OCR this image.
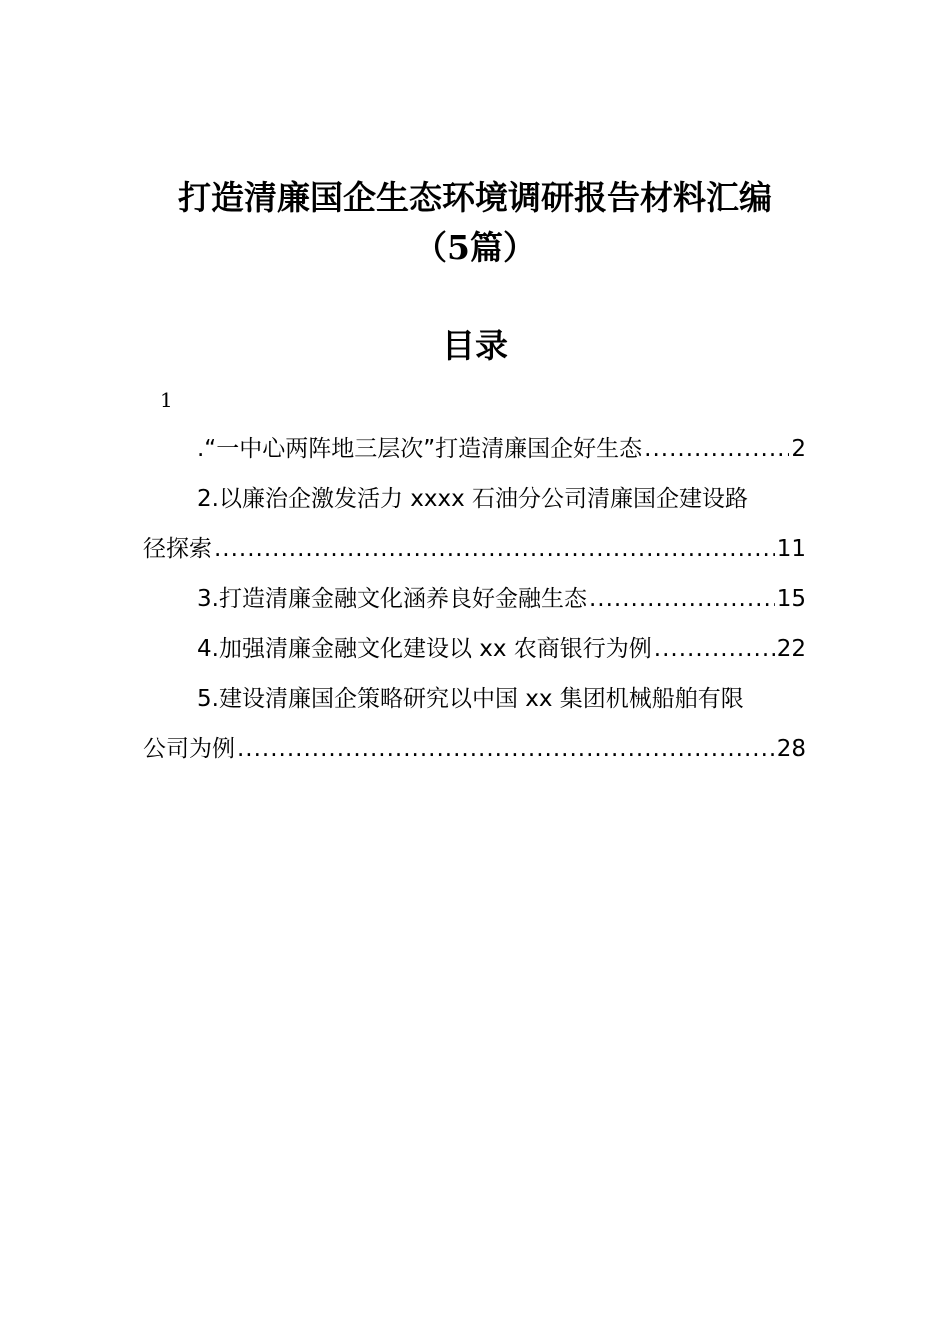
打造清廉国企生态环境调研报告材料汇编
（5篇）
目录
1
.“一中心两阵地三层次”打造清廉国企好生态 .....	2
2.以廉治企激发活力 xxxx 石油分公司清廉国企建设路
径探索 .....	11
3.打造清廉金融文化涵养良好金融生态 .....	15
4.加强清廉金融文化建设以 xx 农商银行为例 .....	22
5.建设清廉国企策略研究以中国 xx 集团机械船舶有限
公司为例 .....	28
